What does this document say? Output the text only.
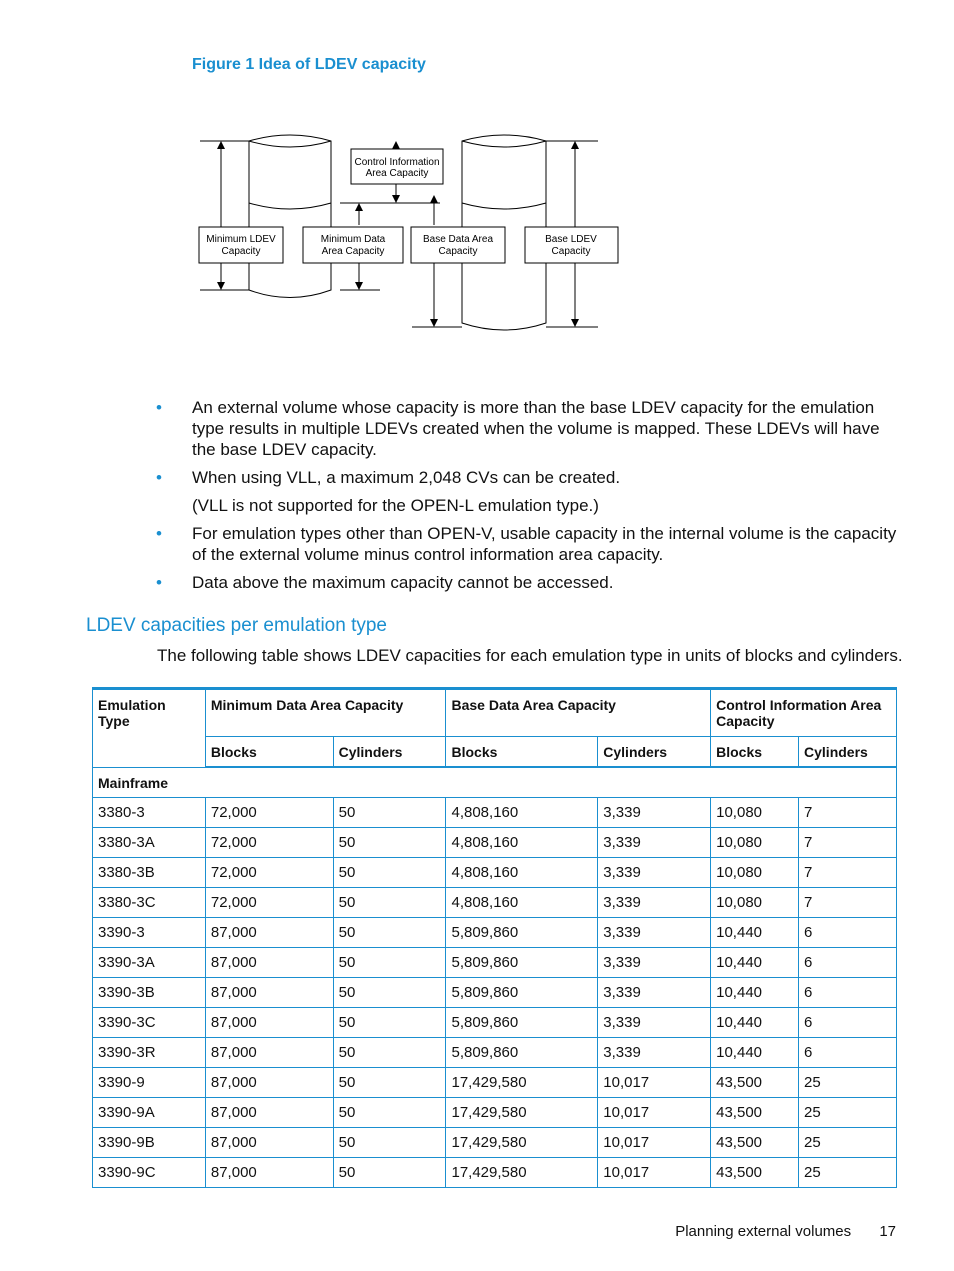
Figure 1 Idea of LDEV capacity
Control Information
Area Capacity
Minimum LDEV
Capacity
Minimum Data
Area Capacity
Base Data Area
Capacity
Base LDEV
Capacity
• An external volume whose capacity is more than the base LDEV capacity for the emulation type results in multiple LDEVs created when the volume is mapped. These LDEVs will have the base LDEV capacity.
• When using VLL, a maximum 2,048 CVs can be created.
(VLL is not supported for the OPEN-L emulation type.)
• For emulation types other than OPEN-V, usable capacity in the internal volume is the capacity of the external volume minus control information area capacity.
• Data above the maximum capacity cannot be accessed.
LDEV capacities per emulation type
The following table shows LDEV capacities for each emulation type in units of blocks and cylinders.
Emulation Type	Minimum Data Area Capacity		Base Data Area Capacity		Control Information Area Capacity	
	Blocks	Cylinders	Blocks	Cylinders	Blocks	Cylinders
Mainframe						
3380-3	72,000	50	4,808,160	3,339	10,080	7
3380-3A	72,000	50	4,808,160	3,339	10,080	7
3380-3B	72,000	50	4,808,160	3,339	10,080	7
3380-3C	72,000	50	4,808,160	3,339	10,080	7
3390-3	87,000	50	5,809,860	3,339	10,440	6
3390-3A	87,000	50	5,809,860	3,339	10,440	6
3390-3B	87,000	50	5,809,860	3,339	10,440	6
3390-3C	87,000	50	5,809,860	3,339	10,440	6
3390-3R	87,000	50	5,809,860	3,339	10,440	6
3390-9	87,000	50	17,429,580	10,017	43,500	25
3390-9A	87,000	50	17,429,580	10,017	43,500	25
3390-9B	87,000	50	17,429,580	10,017	43,500	25
3390-9C	87,000	50	17,429,580	10,017	43,500	25
Planning external volumes 17
